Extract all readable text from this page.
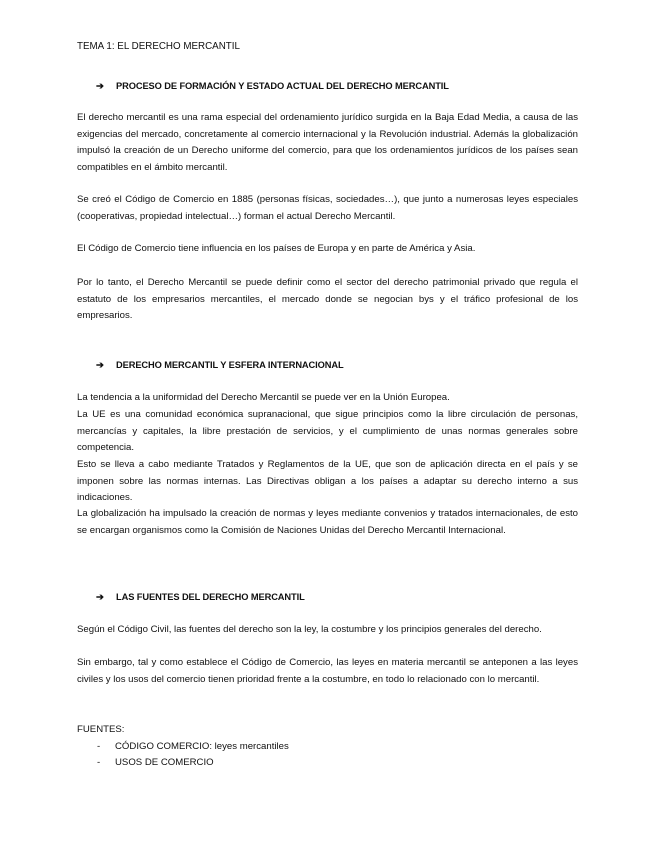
TEMA 1: EL DERECHO MERCANTIL
➔ PROCESO DE FORMACIÓN Y ESTADO ACTUAL DEL DERECHO MERCANTIL
El derecho mercantil es una rama especial del ordenamiento jurídico surgida en la Baja Edad Media, a causa de las exigencias del mercado, concretamente al comercio internacional y la Revolución industrial. Además la globalización impulsó la creación de un Derecho uniforme del comercio, para que los ordenamientos jurídicos de los países sean compatibles en el ámbito mercantil.
Se creó el Código de Comercio en 1885 (personas físicas, sociedades…), que junto a numerosas leyes especiales (cooperativas, propiedad intelectual…) forman el actual Derecho Mercantil.
El Código de Comercio tiene influencia en los países de Europa y en parte de América y Asia.
Por lo tanto, el Derecho Mercantil se puede definir como el sector del derecho patrimonial privado que regula el estatuto de los empresarios mercantiles, el mercado donde se negocian bys y el tráfico profesional de los empresarios.
➔ DERECHO MERCANTIL Y ESFERA INTERNACIONAL
La tendencia a la uniformidad del Derecho Mercantil se puede ver en la Unión Europea.
La UE es una comunidad económica supranacional, que sigue principios como la libre circulación de personas, mercancías y capitales, la libre prestación de servicios, y el cumplimiento de unas normas generales sobre competencia.
Esto se lleva a cabo mediante Tratados y Reglamentos de la UE, que son de aplicación directa en el país y se imponen sobre las normas internas. Las Directivas obligan a los países a adaptar su derecho interno a sus indicaciones.
La globalización ha impulsado la creación de normas y leyes mediante convenios y tratados internacionales, de esto se encargan organismos como la Comisión de Naciones Unidas del Derecho Mercantil Internacional.
➔ LAS FUENTES DEL DERECHO MERCANTIL
Según el Código Civil, las fuentes del derecho son la ley, la costumbre y los principios generales del derecho.
Sin embargo, tal y como establece el Código de Comercio, las leyes en materia mercantil se anteponen a las leyes civiles y los usos del comercio tienen prioridad frente a la costumbre, en todo lo relacionado con lo mercantil.
FUENTES:
-	CÓDIGO COMERCIO: leyes mercantiles
-	USOS DE COMERCIO
